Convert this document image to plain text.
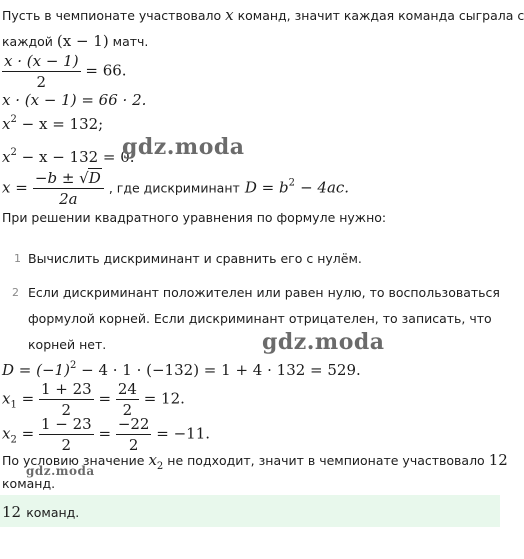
Пусть в чемпионате участвовало x команд, значит каждая команда сыграла с
каждой (x − 1) матч.
$\frac{x \cdot (x - 1)}{2} = 66$.
x · (x − 1) = 66 · 2.
$x^2 - x = 132$;
$x^2 - x - 132 = 0$.
$x = \frac{-b \pm √D}{2a}$ , где дискриминант $D = b^2 - 4ac$.
При решении квадратного уравнения по формуле нужно:
1 Вычислить дискриминант и сравнить его с нулём.
2 Если дискриминант положителен или равен нулю, то воспользоваться
формулой корней. Если дискриминант отрицателен, то записать, что
корней нет.
$D = (-1)^2 - 4 \cdot 1 \cdot (-132) = 1 + 4 \cdot 132 = 529$.
$x_1 = \frac{1 + 23}{2} = \frac{24}{2} = 12$.
$x_2 = \frac{1 - 23}{2} = \frac{-22}{2} = -11$.
По условию значение $x_2$ не подходит, значит в чемпионате участвовало 12
команд.
12 команд.
gdz.moda
gdz.moda
gdz.moda
